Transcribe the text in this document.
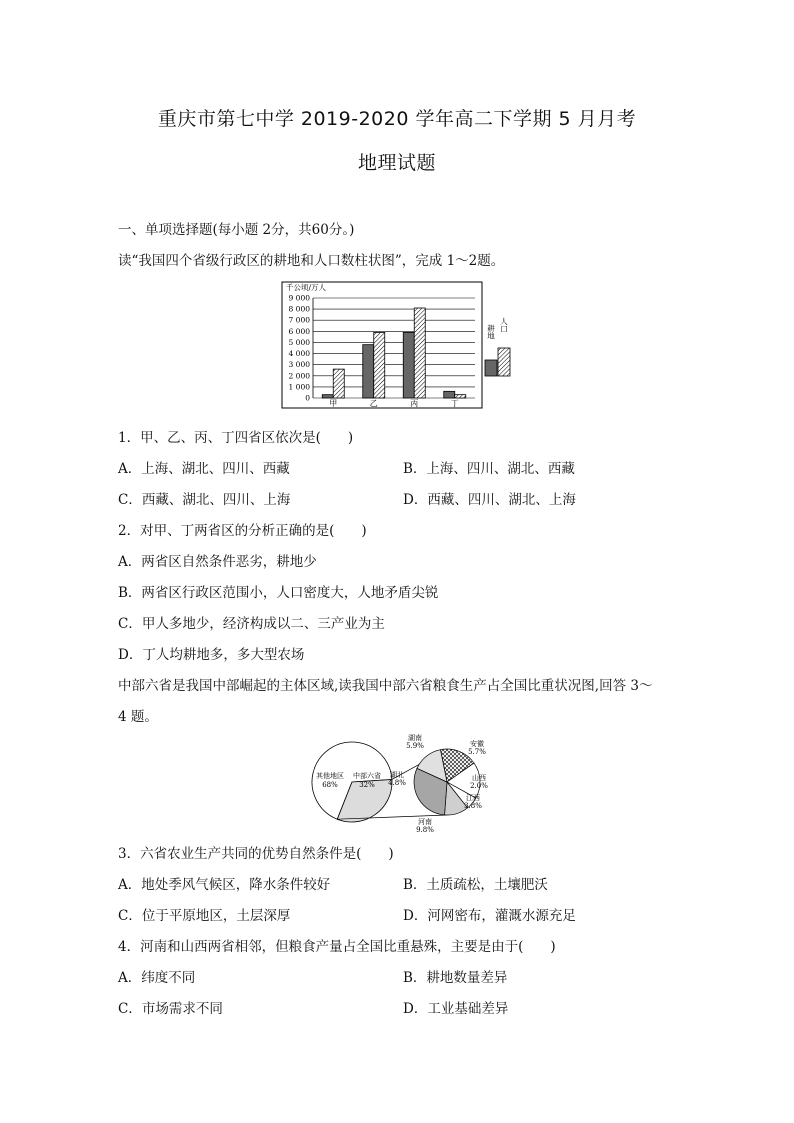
重庆市第七中学 2019-2020 学年高二下学期 5 月月考
地理试题
一、单项选择题(每小题 2分，共60分。)
读“我国四个省级行政区的耕地和人口数柱状图”，完成 1～2题。
9 000
8 000
7 000
6 000
5 000
4 000
3 000
2 000
1 000
0
甲	乙	丙	丁
千公顷/万人
耕地 人口
1．甲、乙、丙、丁四省区依次是(　　)
A．上海、湖北、四川、西藏	B．上海、四川、湖北、西藏
C．西藏、湖北、四川、上海	D．西藏、四川、湖北、上海
2．对甲、丁两省区的分析正确的是(　　)
A．两省区自然条件恶劣，耕地少
B．两省区行政区范围小，人口密度大，人地矛盾尖锐
C．甲人多地少，经济构成以二、三产业为主
D．丁人均耕地多，多大型农场
中部六省是我国中部崛起的主体区域,读我国中部六省粮食生产占全国比重状况图,回答 3～
4 题。
湖南
5.9%	安徽
5.7%
山西
2.0%
江西
3.8%
河南
9.8%
湖北
4.8%
其他地区
68%
中部六省
32%
3．六省农业生产共同的优势自然条件是(　　)
A．地处季风气候区，降水条件较好	B．土质疏松，土壤肥沃
C．位于平原地区，土层深厚	D．河网密布，灌溉水源充足
4．河南和山西两省相邻，但粮食产量占全国比重悬殊，主要是由于(　　)
A．纬度不同	B．耕地数量差异
C．市场需求不同	D．工业基础差异
